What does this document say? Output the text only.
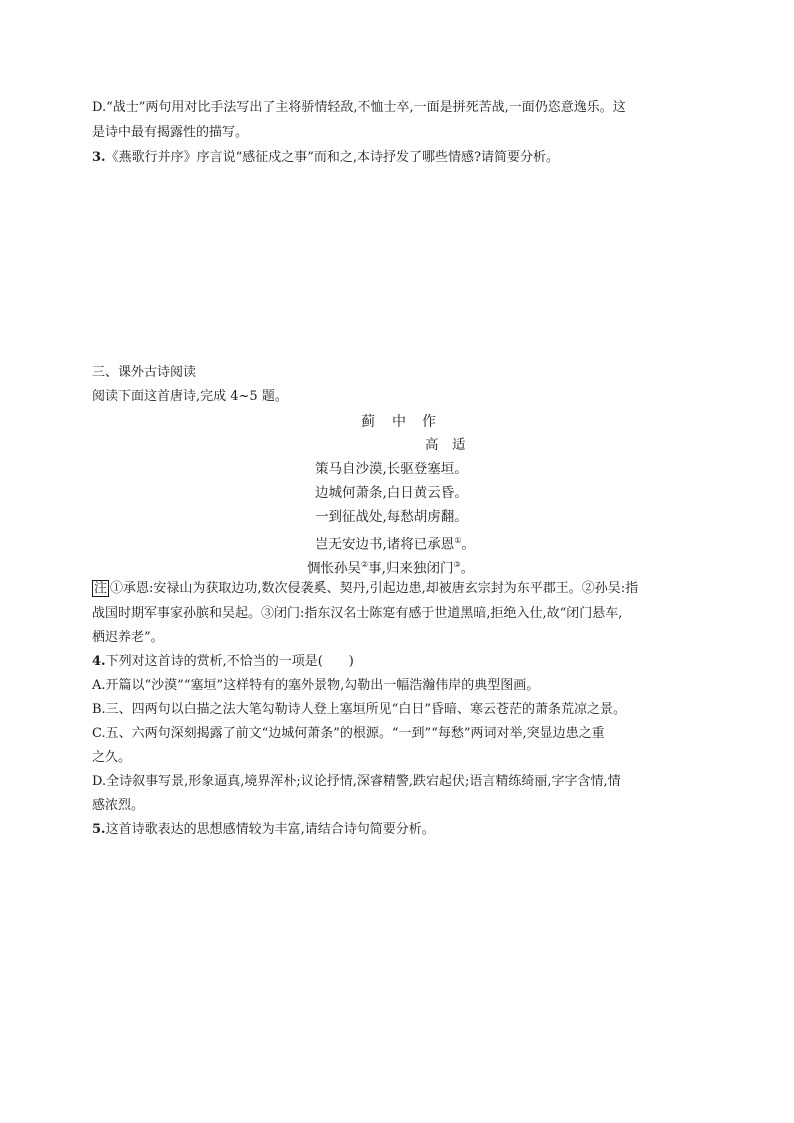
D.“战士”两句用对比手法写出了主将骄情轻敌,不恤士卒,一面是拼死苦战,一面仍恣意逸乐。这
是诗中最有揭露性的描写。
3.《燕歌行并序》序言说“感征戍之事”而和之,本诗抒发了哪些情感?请简要分析。
三、课外古诗阅读
阅读下面这首唐诗,完成 4~5 题。
蓟 中 作
高　适
策马自沙漠,长驱登塞垣。
边城何萧条,白日黄云昏。
一到征战处,每愁胡虏翻。
岂无安边书,诸将已承恩①。
惆怅孙吴②事,归来独闭门③。
注 ①承恩:安禄山为获取边功,数次侵袭奚、契丹,引起边患,却被唐玄宗封为东平郡王。②孙吴:指
战国时期军事家孙膑和吴起。③闭门:指东汉名士陈寔有感于世道黑暗,拒绝入仕,故“闭门悬车,
栖迟养老”。
4.下列对这首诗的赏析,不恰当的一项是(　　)
A.开篇以“沙漠”“塞垣”这样特有的塞外景物,勾勒出一幅浩瀚伟岸的典型图画。
B.三、四两句以白描之法大笔勾勒诗人登上塞垣所见“白日”昏暗、寒云苍茫的萧条荒凉之景。
C.五、六两句深刻揭露了前文“边城何萧条”的根源。“一到”“每愁”两词对举,突显边患之重
之久。
D.全诗叙事写景,形象逼真,境界浑朴;议论抒情,深睿精警,跌宕起伏;语言精练绮丽,字字含情,情
感浓烈。
5.这首诗歌表达的思想感情较为丰富,请结合诗句简要分析。
